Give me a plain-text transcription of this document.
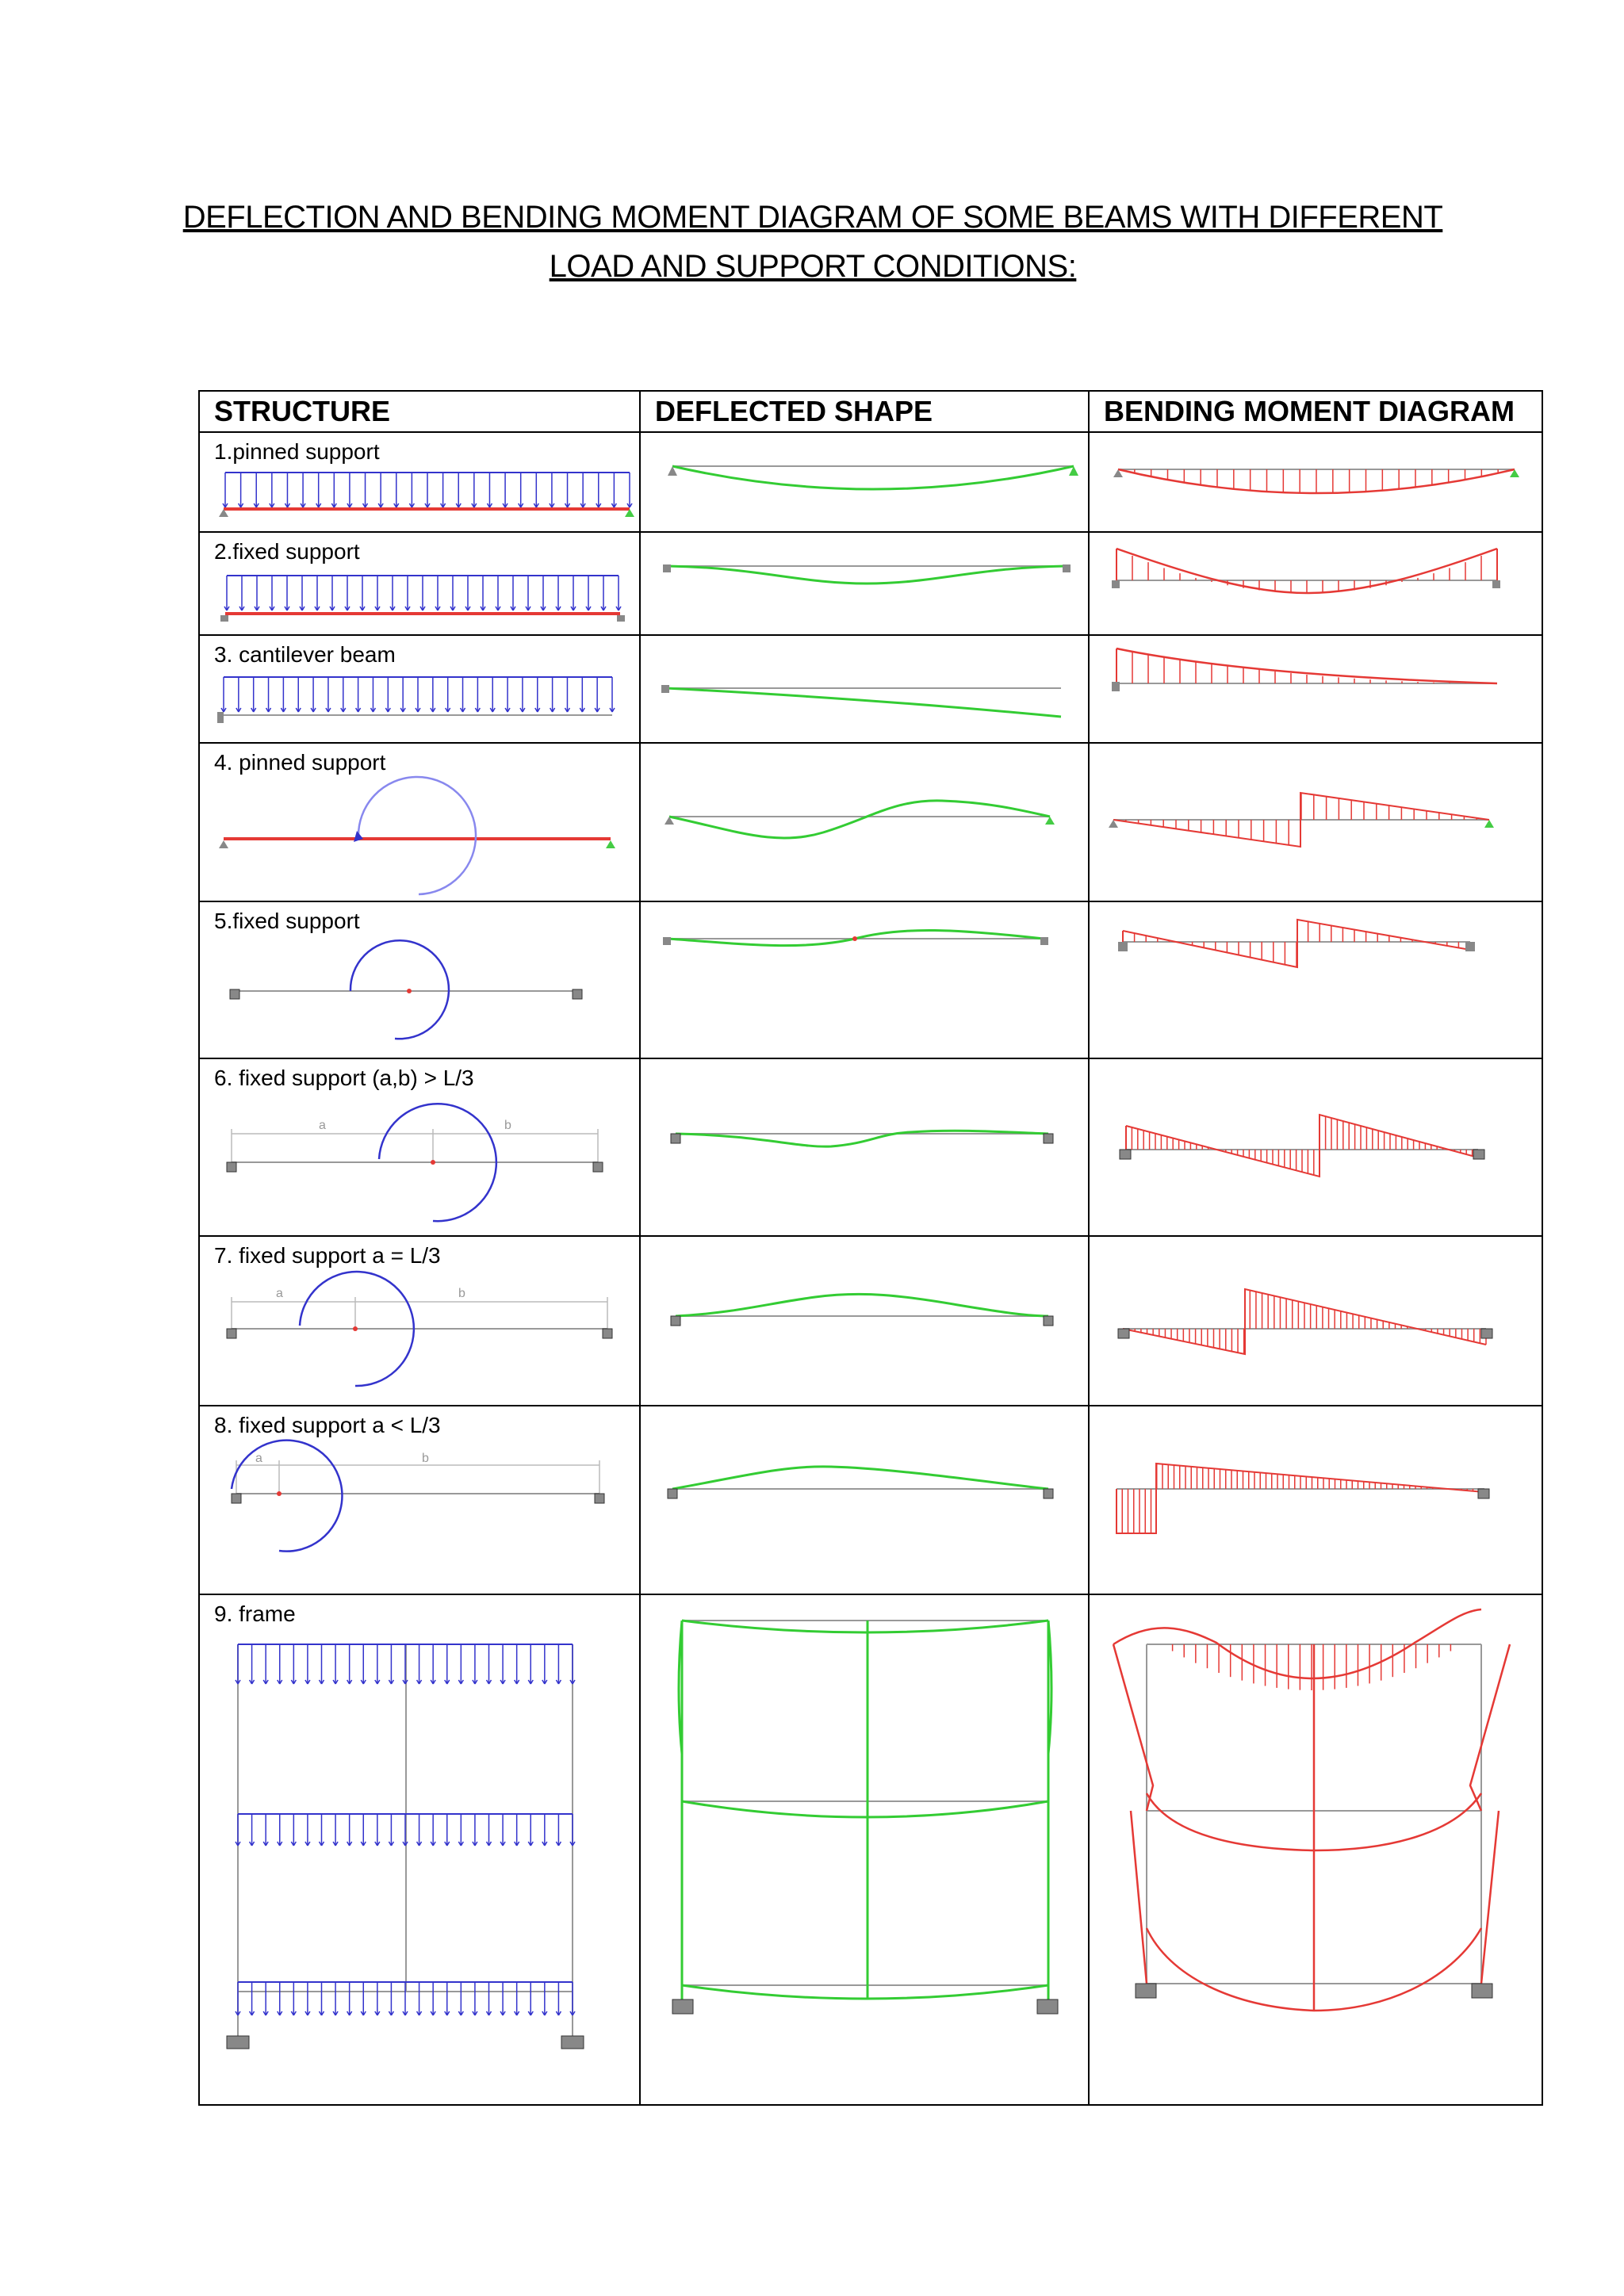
DEFLECTION AND BENDING MOMENT DIAGRAM OF SOME BEAMS WITH DIFFERENT
LOAD AND SUPPORT CONDITIONS:
STRUCTURE	DEFLECTED SHAPE	BENDING MOMENT DIAGRAM

1.pinned support

2.fixed support

3. cantilever beam

4. pinned support

5.fixed support

6. fixed support (a,b) > L/3
a b

7. fixed support a = L/3
a b

8. fixed support a < L/3
a b

9. frame
